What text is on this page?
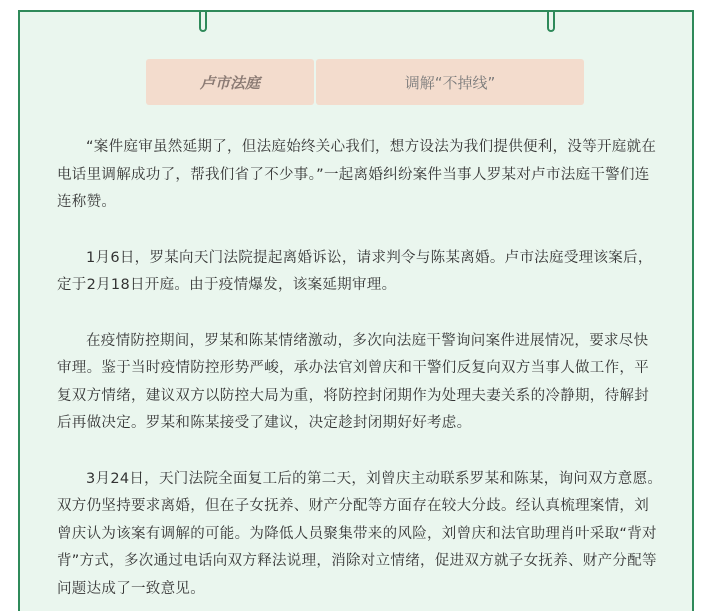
卢市法庭	调解“不掉线”

“案件庭审虽然延期了，但法庭始终关心我们，想方设法为我们提供便利，没等开庭就在电话里调解成功了，帮我们省了不少事。”一起离婚纠纷案件当事人罗某对卢市法庭干警们连连称赞。

1月6日，罗某向天门法院提起离婚诉讼，请求判令与陈某离婚。卢市法庭受理该案后，定于2月18日开庭。由于疫情爆发，该案延期审理。

在疫情防控期间，罗某和陈某情绪激动，多次向法庭干警询问案件进展情况，要求尽快审理。鉴于当时疫情防控形势严峻，承办法官刘曾庆和干警们反复向双方当事人做工作，平复双方情绪，建议双方以防控大局为重，将防控封闭期作为处理夫妻关系的冷静期，待解封后再做决定。罗某和陈某接受了建议，决定趁封闭期好好考虑。

3月24日，天门法院全面复工后的第二天，刘曾庆主动联系罗某和陈某，询问双方意愿。双方仍坚持要求离婚，但在子女抚养、财产分配等方面存在较大分歧。经认真梳理案情，刘曾庆认为该案有调解的可能。为降低人员聚集带来的风险，刘曾庆和法官助理肖叶采取“背对背”方式，多次通过电话向双方释法说理，消除对立情绪，促进双方就子女抚养、财产分配等问题达成了一致意见。
